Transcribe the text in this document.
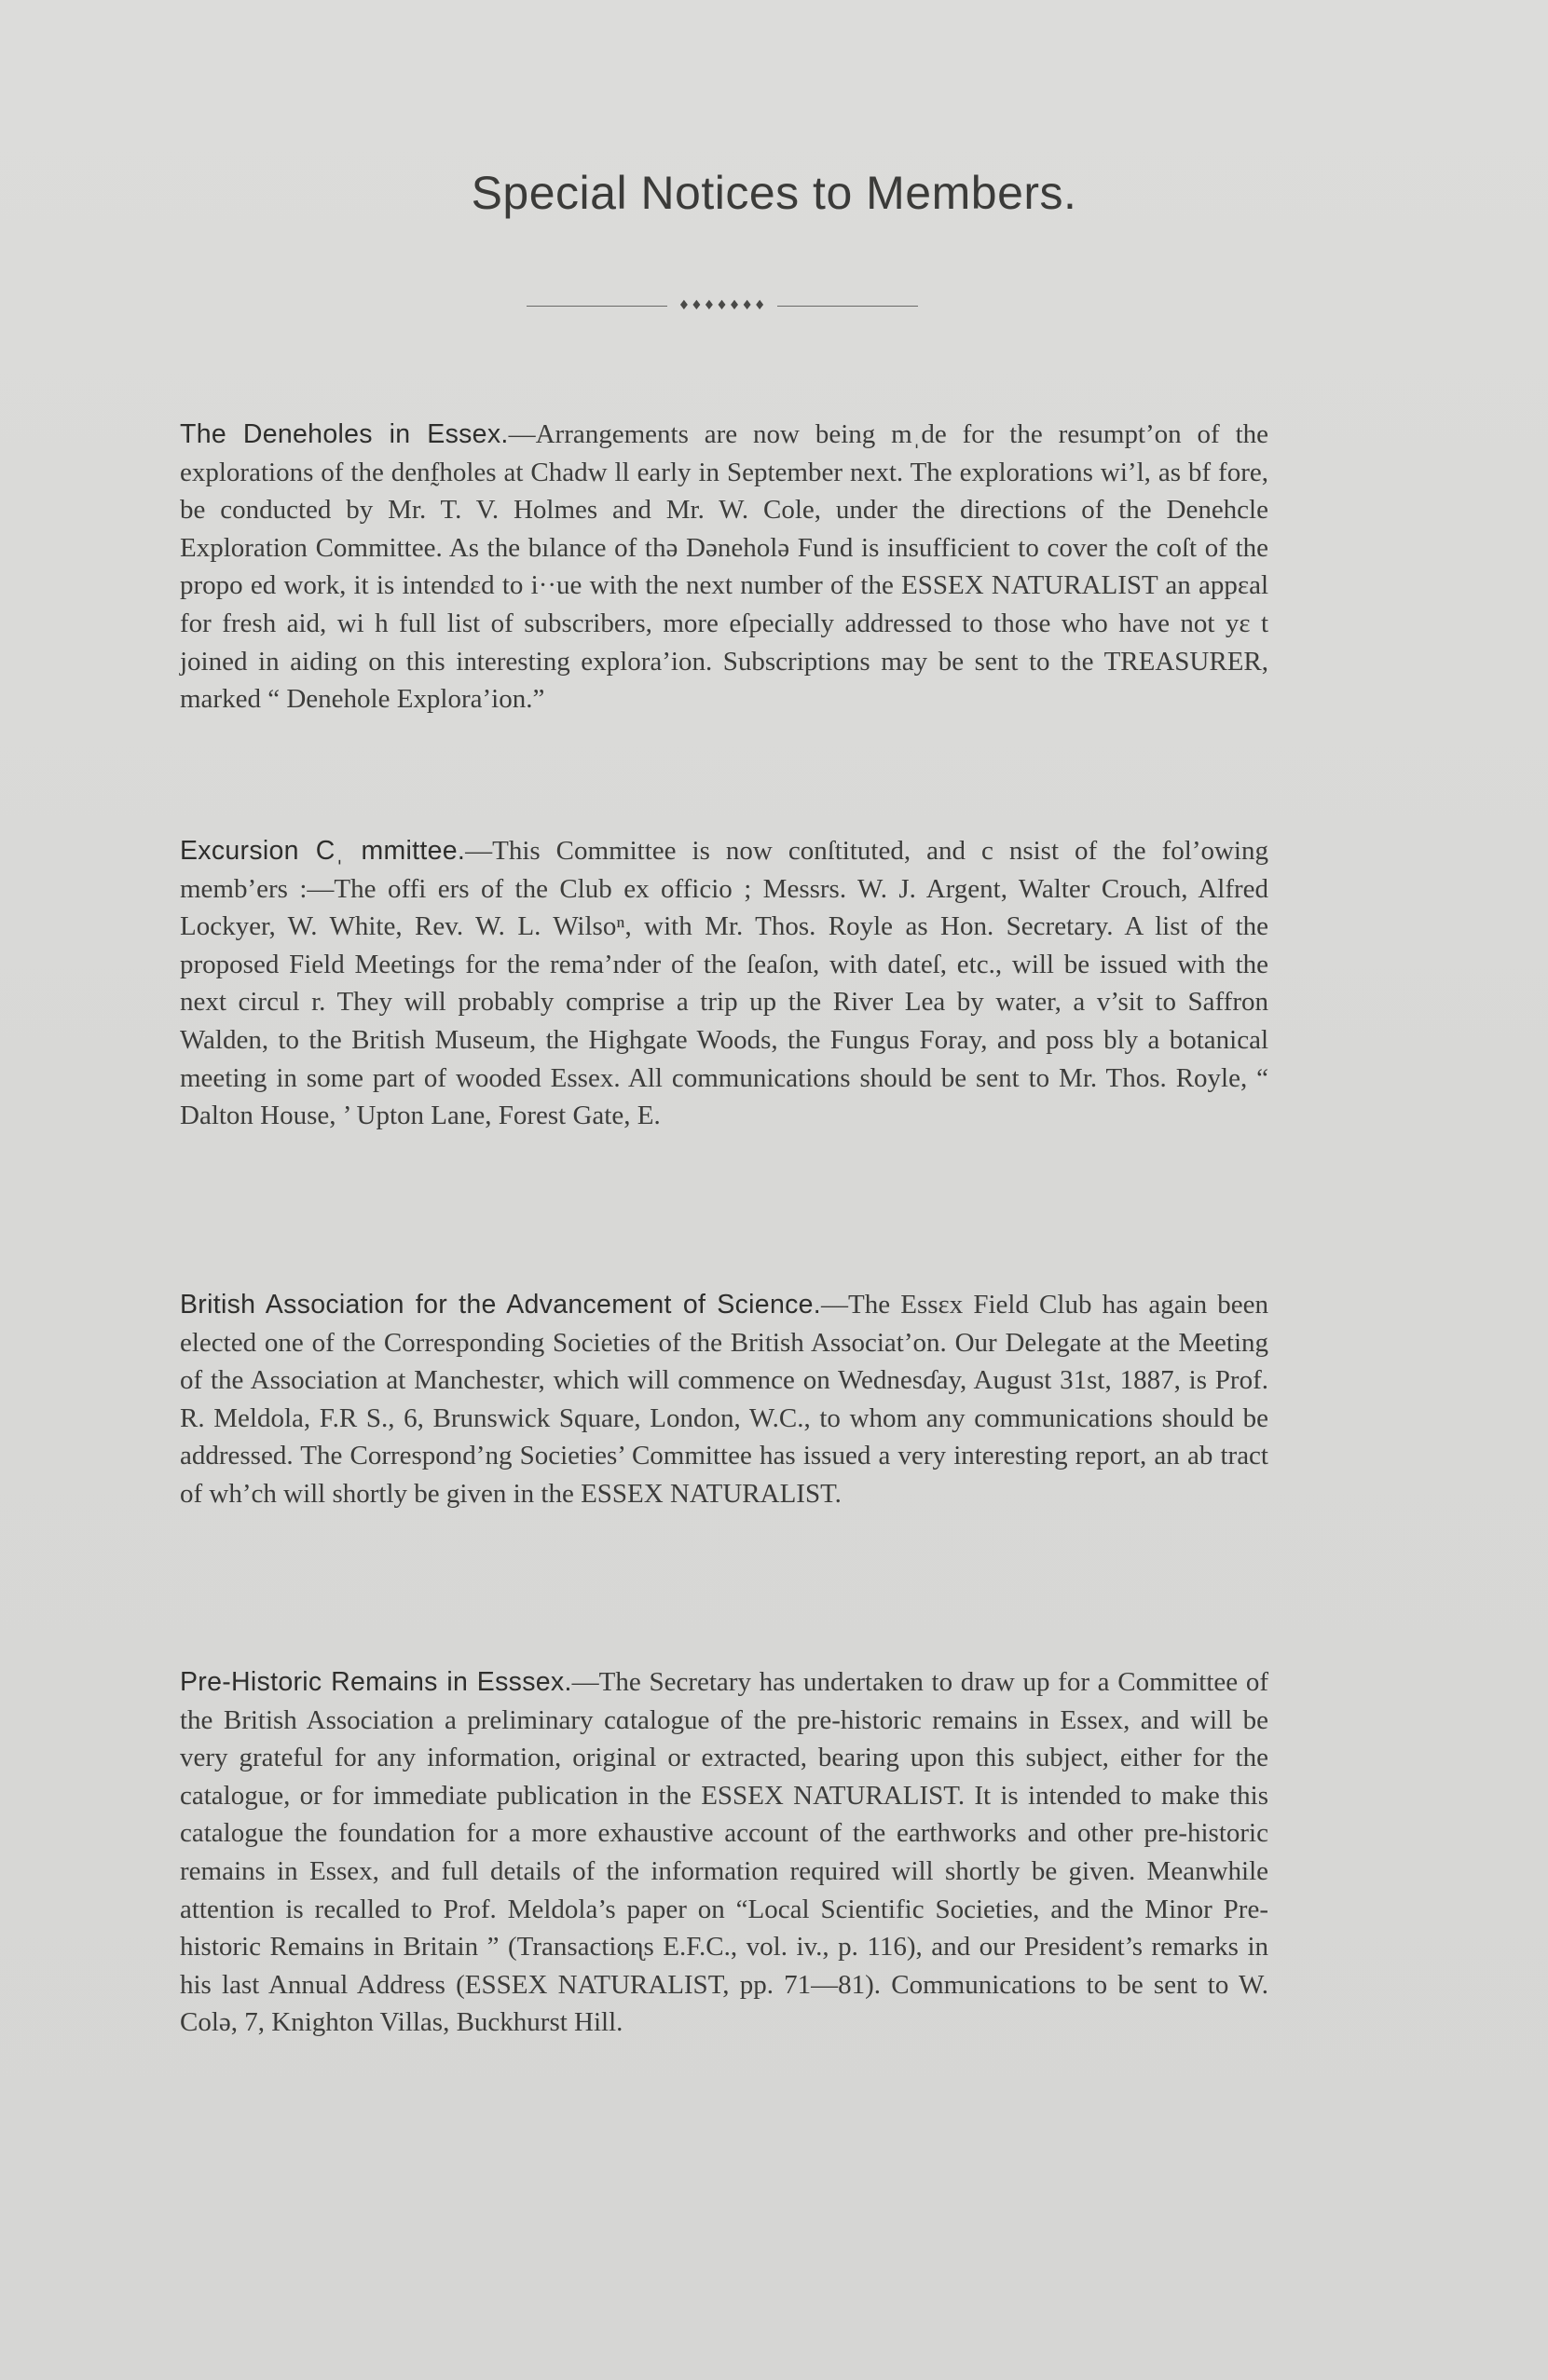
Special Notices to Members.
♦♦♦♦♦♦♦

The Deneholes in Essex.—Arrangements are now being mˌde for the resumpt’on of the explorations of the denf̰holes at Chadw ll early in September next. The explorations wi’l, as bf fore, be conducted by Mr. T. V. Holmes and Mr. W. Cole, under the directions of the Denehcle Exploration Committee. As the bılance of thə Dəneholə Fund is insufficient to cover the coſt of the propo ed work, it is intendɛd to i··ue with the next number of the ESSEX NATURALIST an appɛal for fresh aid, wi h full list of subscribers, more eſpecially addressed to those who have not yɛ t joined in aiding on this interesting explora’ion. Subscriptions may be sent to the TREASURER, marked “ Denehole Explora’ion.”

Excursion Cˌ mmittee.—This Committee is now conſtituted, and c nsist of the fol’owing memb’ers :—The offi ers of the Club ex officio ; Messrs. W. J. Argent, Walter Crouch, Alfred Lockyer, W. White, Rev. W. L. Wilsoⁿ, with Mr. Thos. Royle as Hon. Secretary. A list of the proposed Field Meetings for the rema’nder of the ſeaſon, with dateſ, etc., will be issued with the next circul r. They will probably comprise a trip up the River Lea by water, a v’sit to Saffron Walden, to the British Museum, the Highgate Woods, the Fungus Foray, and poss bly a botanical meeting in some part of wooded Essex. All communications should be sent to Mr. Thos. Royle, “ Dalton House, ’ Upton Lane, Forest Gate, E.

British Association for the Advancement of Science.—The Essɛx Field Club has again been elected one of the Corresponding Societies of the British Associat’on. Our Delegate at the Meeting of the Association at Manchestɛr, which will commence on Wednesɗay, August 31st, 1887, is Prof. R. Meldola, F.R S., 6, Brunswick Square, London, W.C., to whom any communications should be addressed. The Correspond’ng Societies’ Committee has issued a very interesting report, an ab tract of wh’ch will shortly be given in the ESSEX NATURALIST.

Pre-Historic Remains in Esssex.—The Secretary has undertaken to draw up for a Committee of the British Association a preliminary cɑtalogue of the pre-historic remains in Essex, and will be very grateful for any information, original or extracted, bearing upon this subject, either for the catalogue, or for immediate publication in the ESSEX NATURALIST. It is intended to make this catalogue the foundation for a more exhaustive account of the earthworks and other pre-historic remains in Essex, and full details of the information required will shortly be given. Meanwhile attention is recalled to Prof. Meldola’s paper on “Local Scientific Societies, and the Minor Pre-historic Remains in Britain ” (Transactioɳs E.F.C., vol. iv., p. 116), and our President’s remarks in his last Annual Address (ESSEX NATURALIST, pp. 71—81). Communications to be sent to W. Colə, 7, Knighton Villas, Buckhurst Hill.
